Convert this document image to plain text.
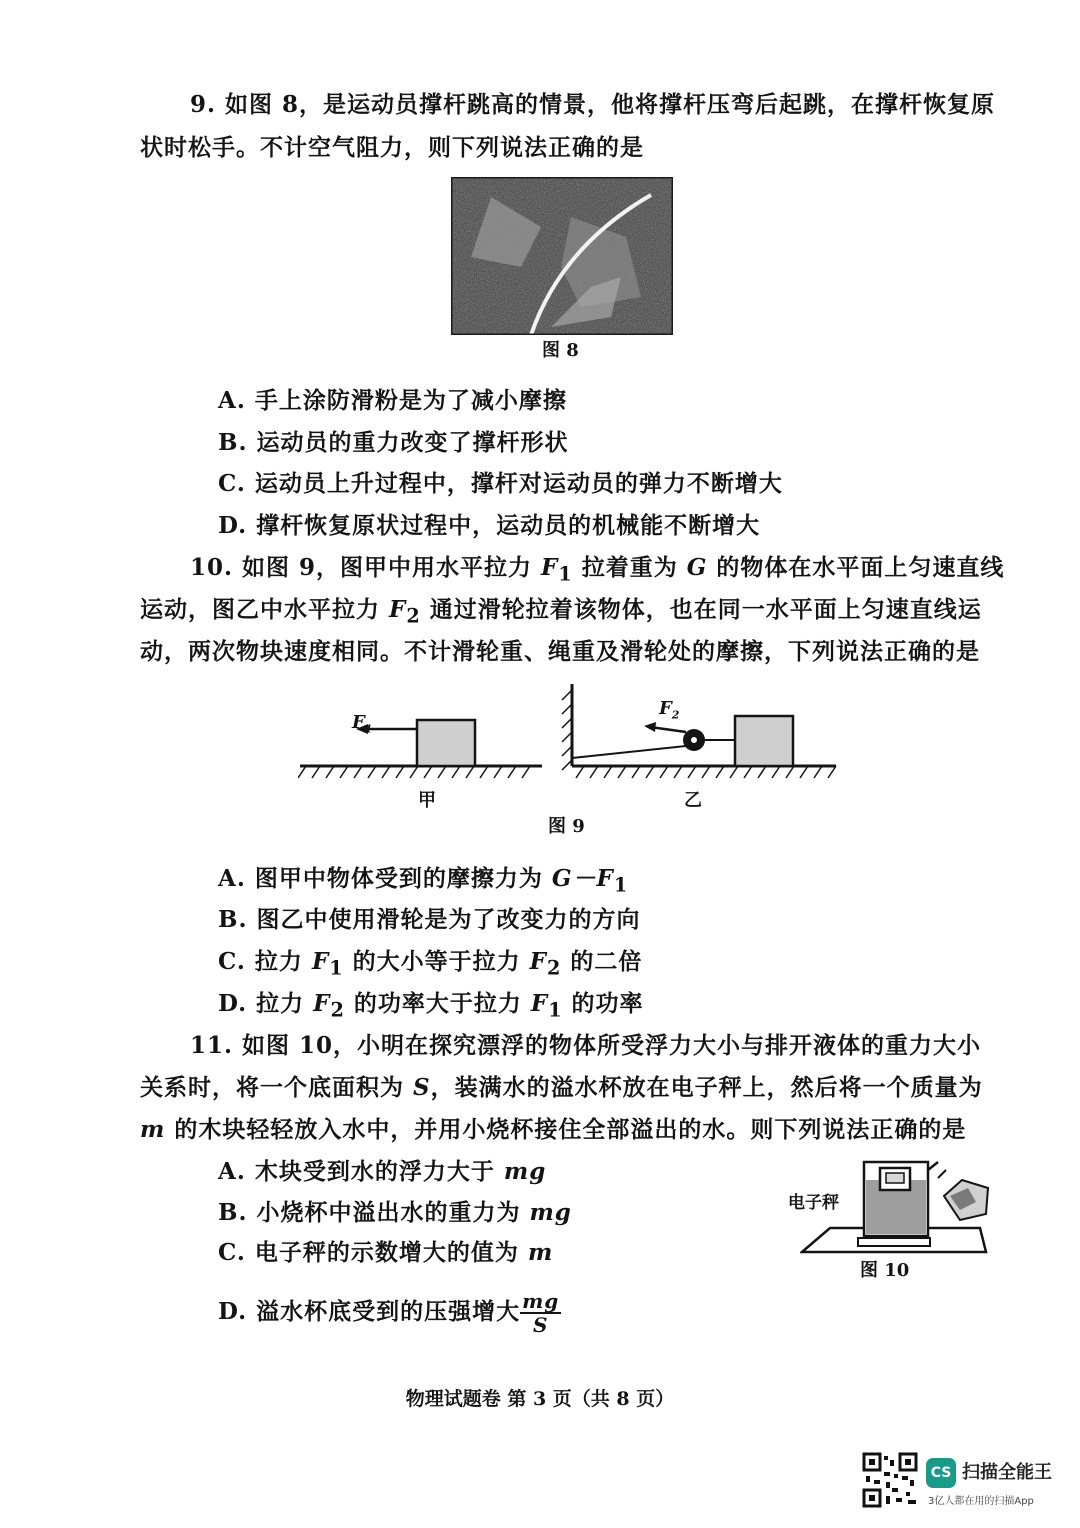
9. 如图 8，是运动员撑杆跳高的情景，他将撑杆压弯后起跳，在撑杆恢复原
状时松手。不计空气阻力，则下列说法正确的是
图 8
A. 手上涂防滑粉是为了减小摩擦
B. 运动员的重力改变了撑杆形状
C. 运动员上升过程中，撑杆对运动员的弹力不断增大
D. 撑杆恢复原状过程中，运动员的机械能不断增大
10. 如图 9，图甲中用水平拉力 $F_1$ 拉着重为 G 的物体在水平面上匀速直线
运动，图乙中水平拉力 $F_2$ 通过滑轮拉着该物体，也在同一水平面上匀速直线运
动，两次物块速度相同。不计滑轮重、绳重及滑轮处的摩擦，下列说法正确的是
$F_1$
$F_2$
甲	乙
图 9
A. 图甲中物体受到的摩擦力为 $G-F_1$
B. 图乙中使用滑轮是为了改变力的方向
C. 拉力 $F_1$ 的大小等于拉力 $F_2$ 的二倍
D. 拉力 $F_2$ 的功率大于拉力 $F_1$ 的功率
11. 如图 10，小明在探究漂浮的物体所受浮力大小与排开液体的重力大小
关系时，将一个底面积为 S，装满水的溢水杯放在电子秤上，然后将一个质量为
m 的木块轻轻放入水中，并用小烧杯接住全部溢出的水。则下列说法正确的是
A. 木块受到水的浮力大于 mg
B. 小烧杯中溢出水的重力为 mg
C. 电子秤的示数增大的值为 m
D. 溢水杯底受到的压强增大 $\frac{mg}{S}$
电子秤
图 10
物理试题卷 第 3 页（共 8 页）
CS 扫描全能王
3亿人都在用的扫描App
